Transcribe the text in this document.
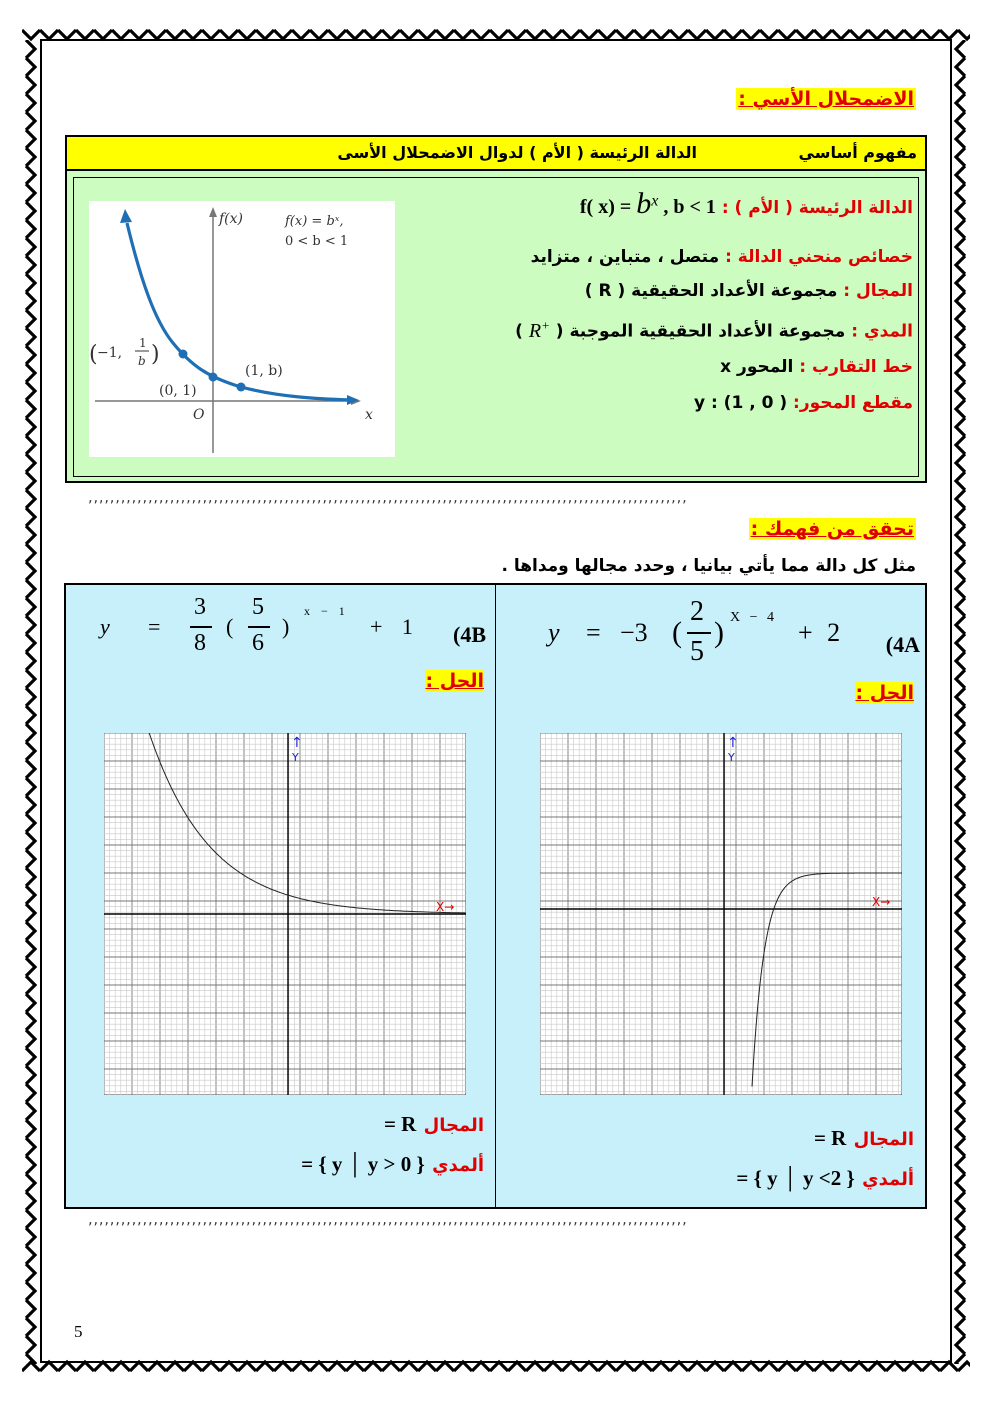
الاضمحلال الأسي :
مفهوم أساسي
الدالة الرئيسة ( الأم ) لدوال الاضمحلال الأسى
الدالة الرئيسة ( الأم ) : f( $x) = b^x$ , b < 1
خصائص منحني الدالة : متصل ، متباين ، متزايد
المجال : مجموعة الأعداد الحقيقية ( R )
المدي : مجموعة الأعداد الحقيقية الموجبة ( R+ )
خط التقارب : المحور x
مقطع المحور: y : (1 , 0 )
f(x)	f(x) = bˣ,
0 < b < 1
( −1,
1
b )
(0, 1)
(1, b)
O	x
‚‚‚‚‚‚‚‚‚‚‚‚‚‚‚‚‚‚‚‚‚‚‚‚‚‚‚‚‚‚‚‚‚‚‚‚‚‚‚‚‚‚‚‚‚‚‚‚‚‚‚‚‚‚‚‚‚‚‚‚‚‚‚‚‚‚‚‚‚‚‚‚‚‚‚‚‚‚‚‚‚‚‚‚‚‚‚‚‚‚‚‚‚‚‚‚‚‚‚‚‚‚‚‚‚‚‚‚‚‚
تحقق من فهمك :
مثل كل دالة مما يأتي بيانيا ، وحدد مجالها ومداها .
(4A
y = −3 (
2
5
) X − 4
+ 2
الحل :
(4B
y =
3
8
(
5
6
)
x − 1
+ 1
الحل :
X→
↑
Y
X→
↑
Y
المجال = R
ألمدي = { y │ y <2 }
المجال = R
ألمدي = { y │ y > 0 }
‚‚‚‚‚‚‚‚‚‚‚‚‚‚‚‚‚‚‚‚‚‚‚‚‚‚‚‚‚‚‚‚‚‚‚‚‚‚‚‚‚‚‚‚‚‚‚‚‚‚‚‚‚‚‚‚‚‚‚‚‚‚‚‚‚‚‚‚‚‚‚‚‚‚‚‚‚‚‚‚‚‚‚‚‚‚‚‚‚‚‚‚‚‚‚‚‚‚‚‚‚‚‚‚‚‚‚‚‚‚
5
